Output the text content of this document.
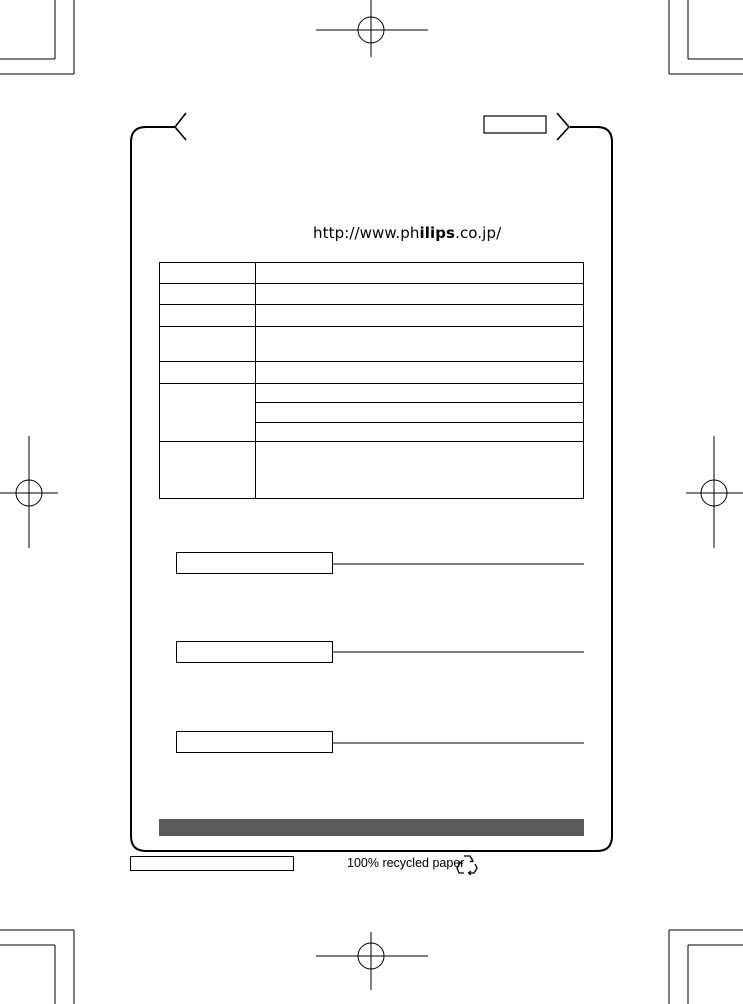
http://www.philips.co.jp/

100% recycled paper
